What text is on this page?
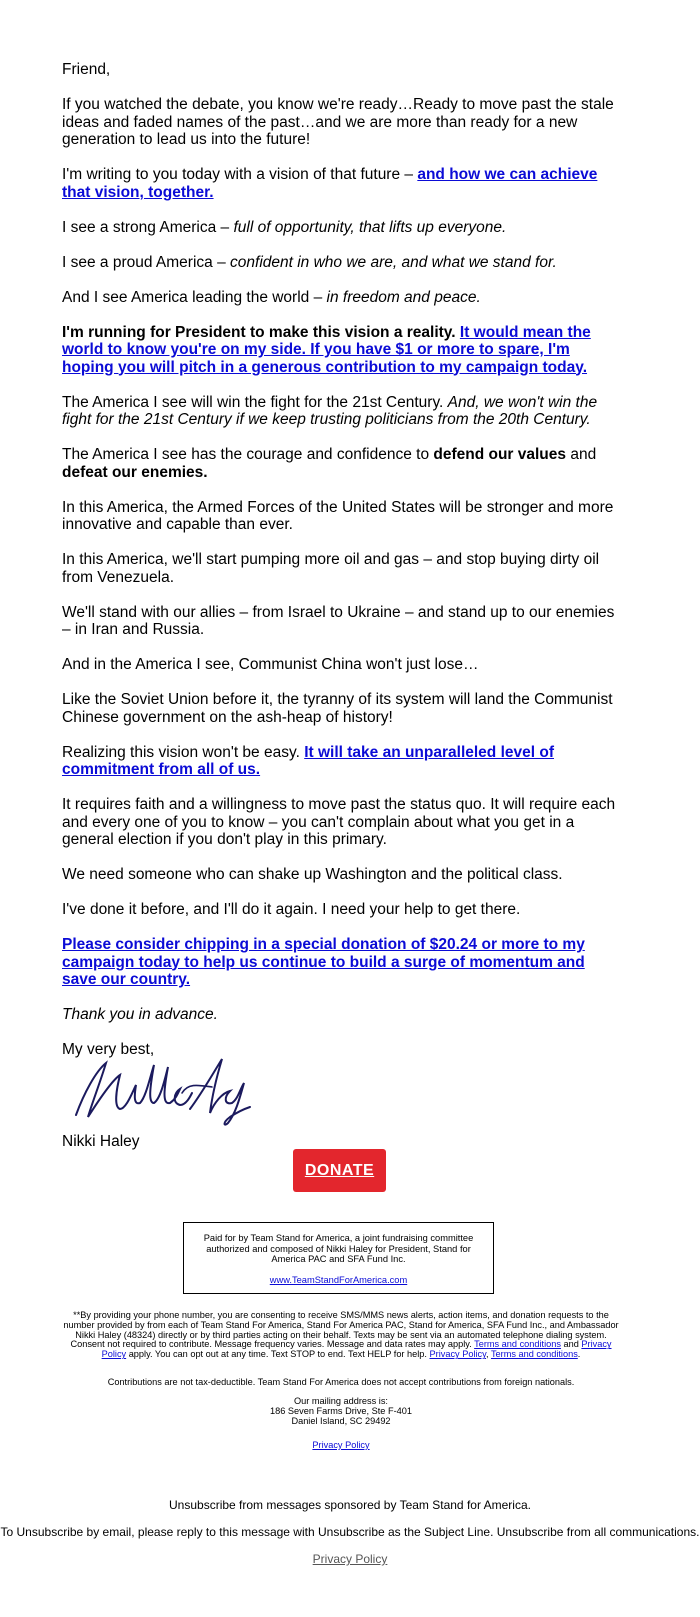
Friend,

If you watched the debate, you know we're ready…Ready to move past the stale ideas and faded names of the past…and we are more than ready for a new generation to lead us into the future!

I'm writing to you today with a vision of that future – and how we can achieve that vision, together.

I see a strong America – full of opportunity, that lifts up everyone.

I see a proud America – confident in who we are, and what we stand for.

And I see America leading the world – in freedom and peace.

I'm running for President to make this vision a reality. It would mean the world to know you're on my side. If you have $1 or more to spare, I'm hoping you will pitch in a generous contribution to my campaign today.

The America I see will win the fight for the 21st Century. And, we won't win the fight for the 21st Century if we keep trusting politicians from the 20th Century.

The America I see has the courage and confidence to defend our values and defeat our enemies.

In this America, the Armed Forces of the United States will be stronger and more innovative and capable than ever.

In this America, we'll start pumping more oil and gas – and stop buying dirty oil from Venezuela.

We'll stand with our allies – from Israel to Ukraine – and stand up to our enemies – in Iran and Russia.

And in the America I see, Communist China won't just lose…

Like the Soviet Union before it, the tyranny of its system will land the Communist Chinese government on the ash-heap of history!

Realizing this vision won't be easy. It will take an unparalleled level of commitment from all of us.

It requires faith and a willingness to move past the status quo. It will require each and every one of you to know – you can't complain about what you get in a general election if you don't play in this primary.

We need someone who can shake up Washington and the political class.

I've done it before, and I'll do it again. I need your help to get there.

Please consider chipping in a special donation of $20.24 or more to my campaign today to help us continue to build a surge of momentum and save our country.

Thank you in advance.

My very best,

Nikki Haley

DONATE
Paid for by Team Stand for America, a joint fundraising committee authorized and composed of Nikki Haley for President, Stand for America PAC and SFA Fund Inc.
www.TeamStandForAmerica.com
**By providing your phone number, you are consenting to receive SMS/MMS news alerts, action items, and donation requests to the number provided by from each of Team Stand For America, Stand For America PAC, Stand for America, SFA Fund Inc., and Ambassador Nikki Haley (48324) directly or by third parties acting on their behalf. Texts may be sent via an automated telephone dialing system. Consent not required to contribute. Message frequency varies. Message and data rates may apply. Terms and conditions and Privacy Policy apply. You can opt out at any time. Text STOP to end. Text HELP for help. Privacy Policy, Terms and conditions.
Contributions are not tax-deductible. Team Stand For America does not accept contributions from foreign nationals.
Our mailing address is:
186 Seven Farms Drive, Ste F-401
Daniel Island, SC 29492
Privacy Policy
Unsubscribe from messages sponsored by Team Stand for America.
To Unsubscribe by email, please reply to this message with Unsubscribe as the Subject Line. Unsubscribe from all communications.
Privacy Policy
